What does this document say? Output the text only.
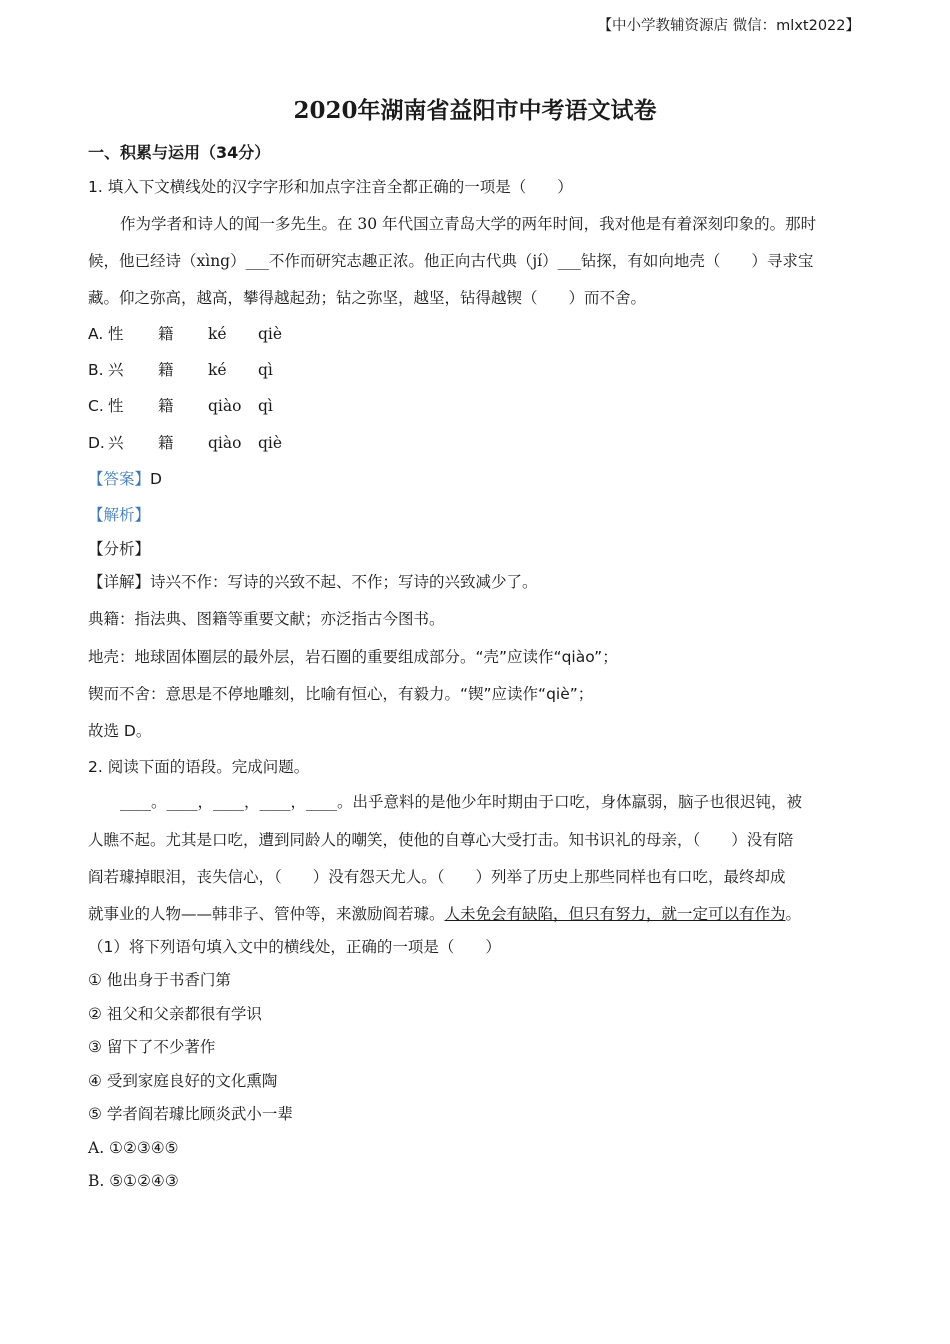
【中小学教辅资源店 微信：mlxt2022】
2020年湖南省益阳市中考语文试卷
一、积累与运用（34分）
1. 填入下文横线处的汉字字形和加点字注音全都正确的一项是（　　）
作为学者和诗人的闻一多先生。在 30 年代国立青岛大学的两年时间，我对他是有着深刻印象的。那时
候，他已经诗（xìng）___不作而研究志趣正浓。他正向古代典（jí）___钻探，有如向地壳（　　）寻求宝
藏。仰之弥高，越高，攀得越起劲；钻之弥坚，越坚，钻得越锲（　　）而不舍。
A. 性 籍 ké qiè
B. 兴 籍 ké qì
C. 性 籍 qiào qì
D. 兴 籍 qiào qiè
【答案】D
【解析】
【分析】
【详解】诗兴不作：写诗的兴致不起、不作；写诗的兴致减少了。
典籍：指法典、图籍等重要文献；亦泛指古今图书。
地壳：地球固体圈层的最外层，岩石圈的重要组成部分。“壳”应读作“qiào”；
锲而不舍：意思是不停地雕刻，比喻有恒心，有毅力。“锲”应读作“qiè”；
故选 D。
2. 阅读下面的语段。完成问题。
____。____，____，____，____。出乎意料的是他少年时期由于口吃，身体羸弱，脑子也很迟钝，被
人瞧不起。尤其是口吃，遭到同龄人的嘲笑，使他的自尊心大受打击。知书识礼的母亲，（　　）没有陪
阎若璩掉眼泪，丧失信心，（　　）没有怨天尤人。（　　）列举了历史上那些同样也有口吃，最终却成
就事业的人物——韩非子、管仲等，来激励阎若璩。人未免会有缺陷，但只有努力，就一定可以有作为。
（1）将下列语句填入文中的横线处，正确的一项是（　　）
① 他出身于书香门第
② 祖父和父亲都很有学识
③ 留下了不少著作
④ 受到家庭良好的文化熏陶
⑤ 学者阎若璩比顾炎武小一辈
A. ①②③④⑤
B. ⑤①②④③
